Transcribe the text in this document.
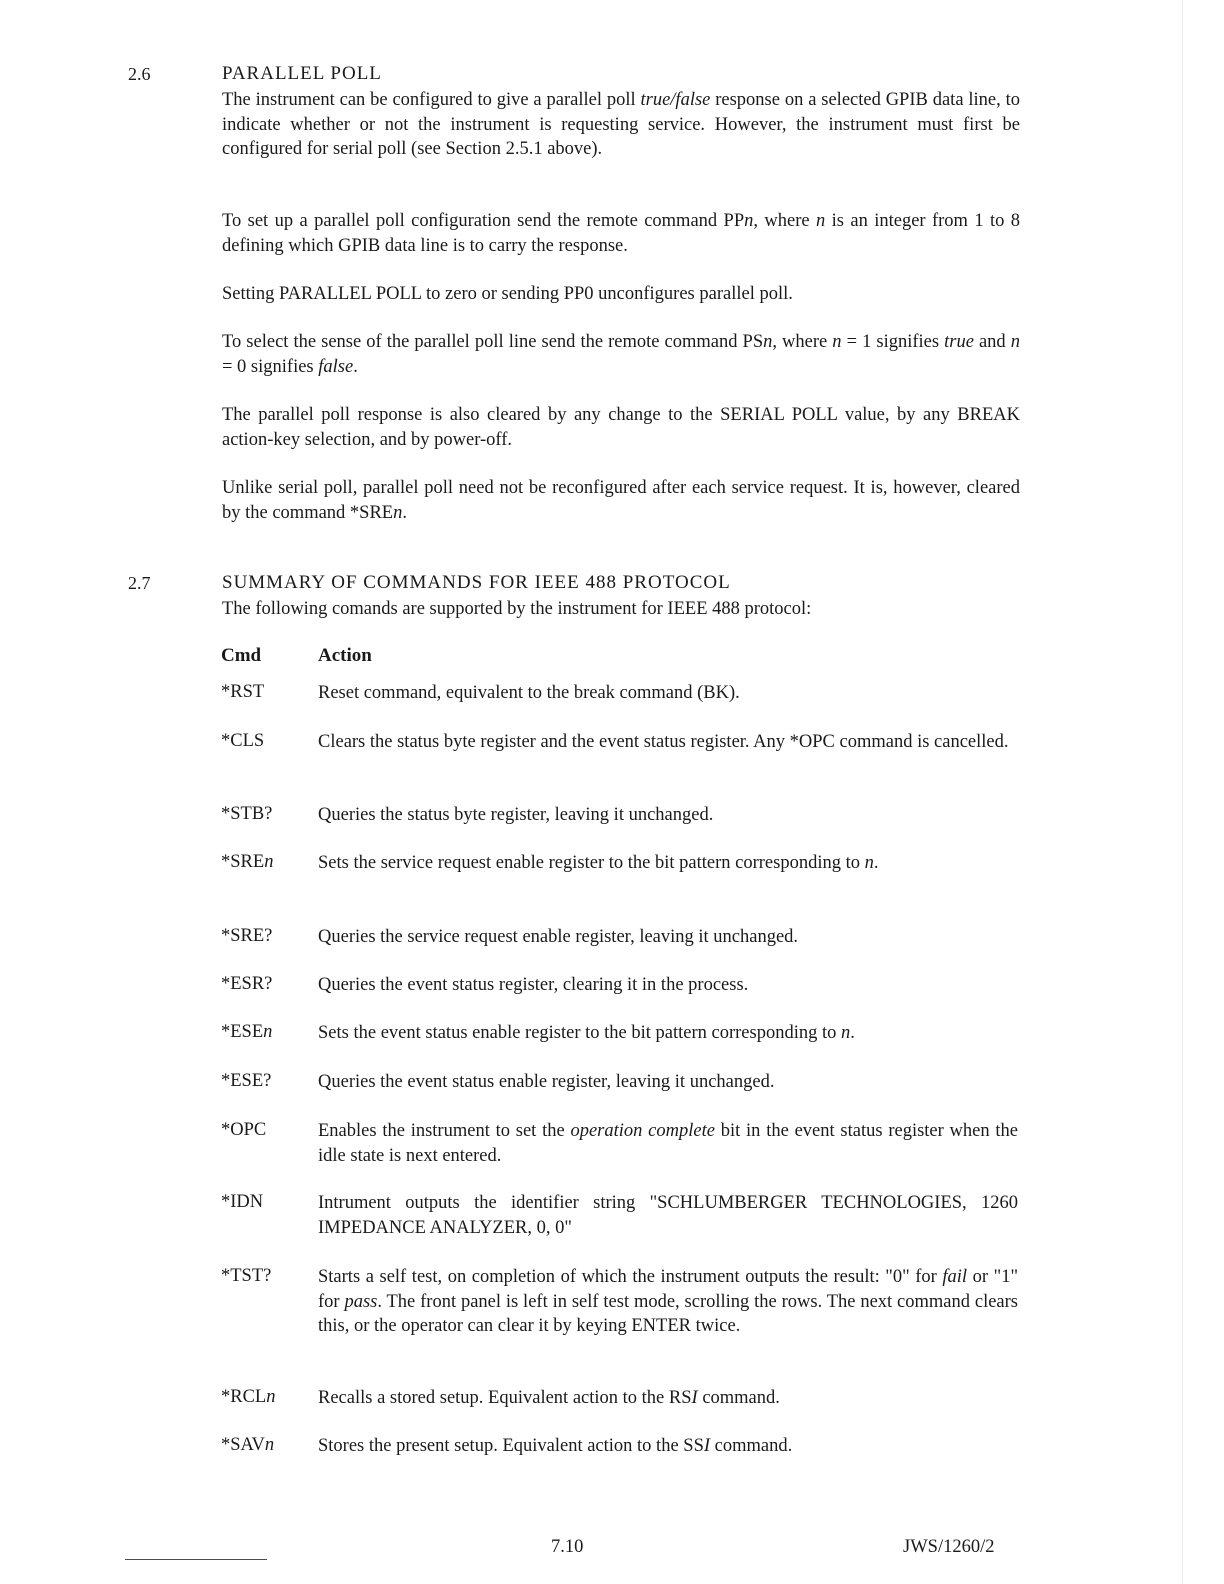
2.6	PARALLEL POLL

The instrument can be configured to give a parallel poll true/false response on a selected GPIB data line, to indicate whether or not the instrument is requesting service. However, the instrument must first be configured for serial poll (see Section 2.5.1 above).

To set up a parallel poll configuration send the remote command PPn, where n is an integer from 1 to 8 defining which GPIB data line is to carry the response.

Setting PARALLEL POLL to zero or sending PP0 unconfigures parallel poll.

To select the sense of the parallel poll line send the remote command PSn, where n = 1 signifies true and n = 0 signifies false.

The parallel poll response is also cleared by any change to the SERIAL POLL value, by any BREAK action-key selection, and by power-off.

Unlike serial poll, parallel poll need not be reconfigured after each service request. It is, however, cleared by the command *SREn.

2.7	SUMMARY OF COMMANDS FOR IEEE 488 PROTOCOL

The following comands are supported by the instrument for IEEE 488 protocol:

Cmd	Action
*RST	Reset command, equivalent to the break command (BK).

*CLS	Clears the status byte register and the event status register. Any *OPC command is cancelled.

*STB? Queries the status byte register, leaving it unchanged.

*SREn Sets the service request enable register to the bit pattern corresponding to n.

*SRE? Queries the service request enable register, leaving it unchanged.

*ESR? Queries the event status register, clearing it in the process.

*ESEn Sets the event status enable register to the bit pattern corresponding to n.

*ESE?	Queries the event status enable register, leaving it unchanged.

*OPC	Enables the instrument to set the operation complete bit in the event status register when the idle state is next entered.

*IDN	Intrument outputs the identifier string "SCHLUMBERGER TECHNOLOGIES, 1260 IMPEDANCE ANALYZER, 0, 0"

*TST?	Starts a self test, on completion of which the instrument outputs the result: "0" for fail or "1" for pass. The front panel is left in self test mode, scrolling the rows. The next command clears this, or the operator can clear it by keying ENTER twice.

*RCLn Recalls a stored setup. Equivalent action to the RSI command.

*SAVn Stores the present setup. Equivalent action to the SSI command.

7.10	JWS/1260/2
